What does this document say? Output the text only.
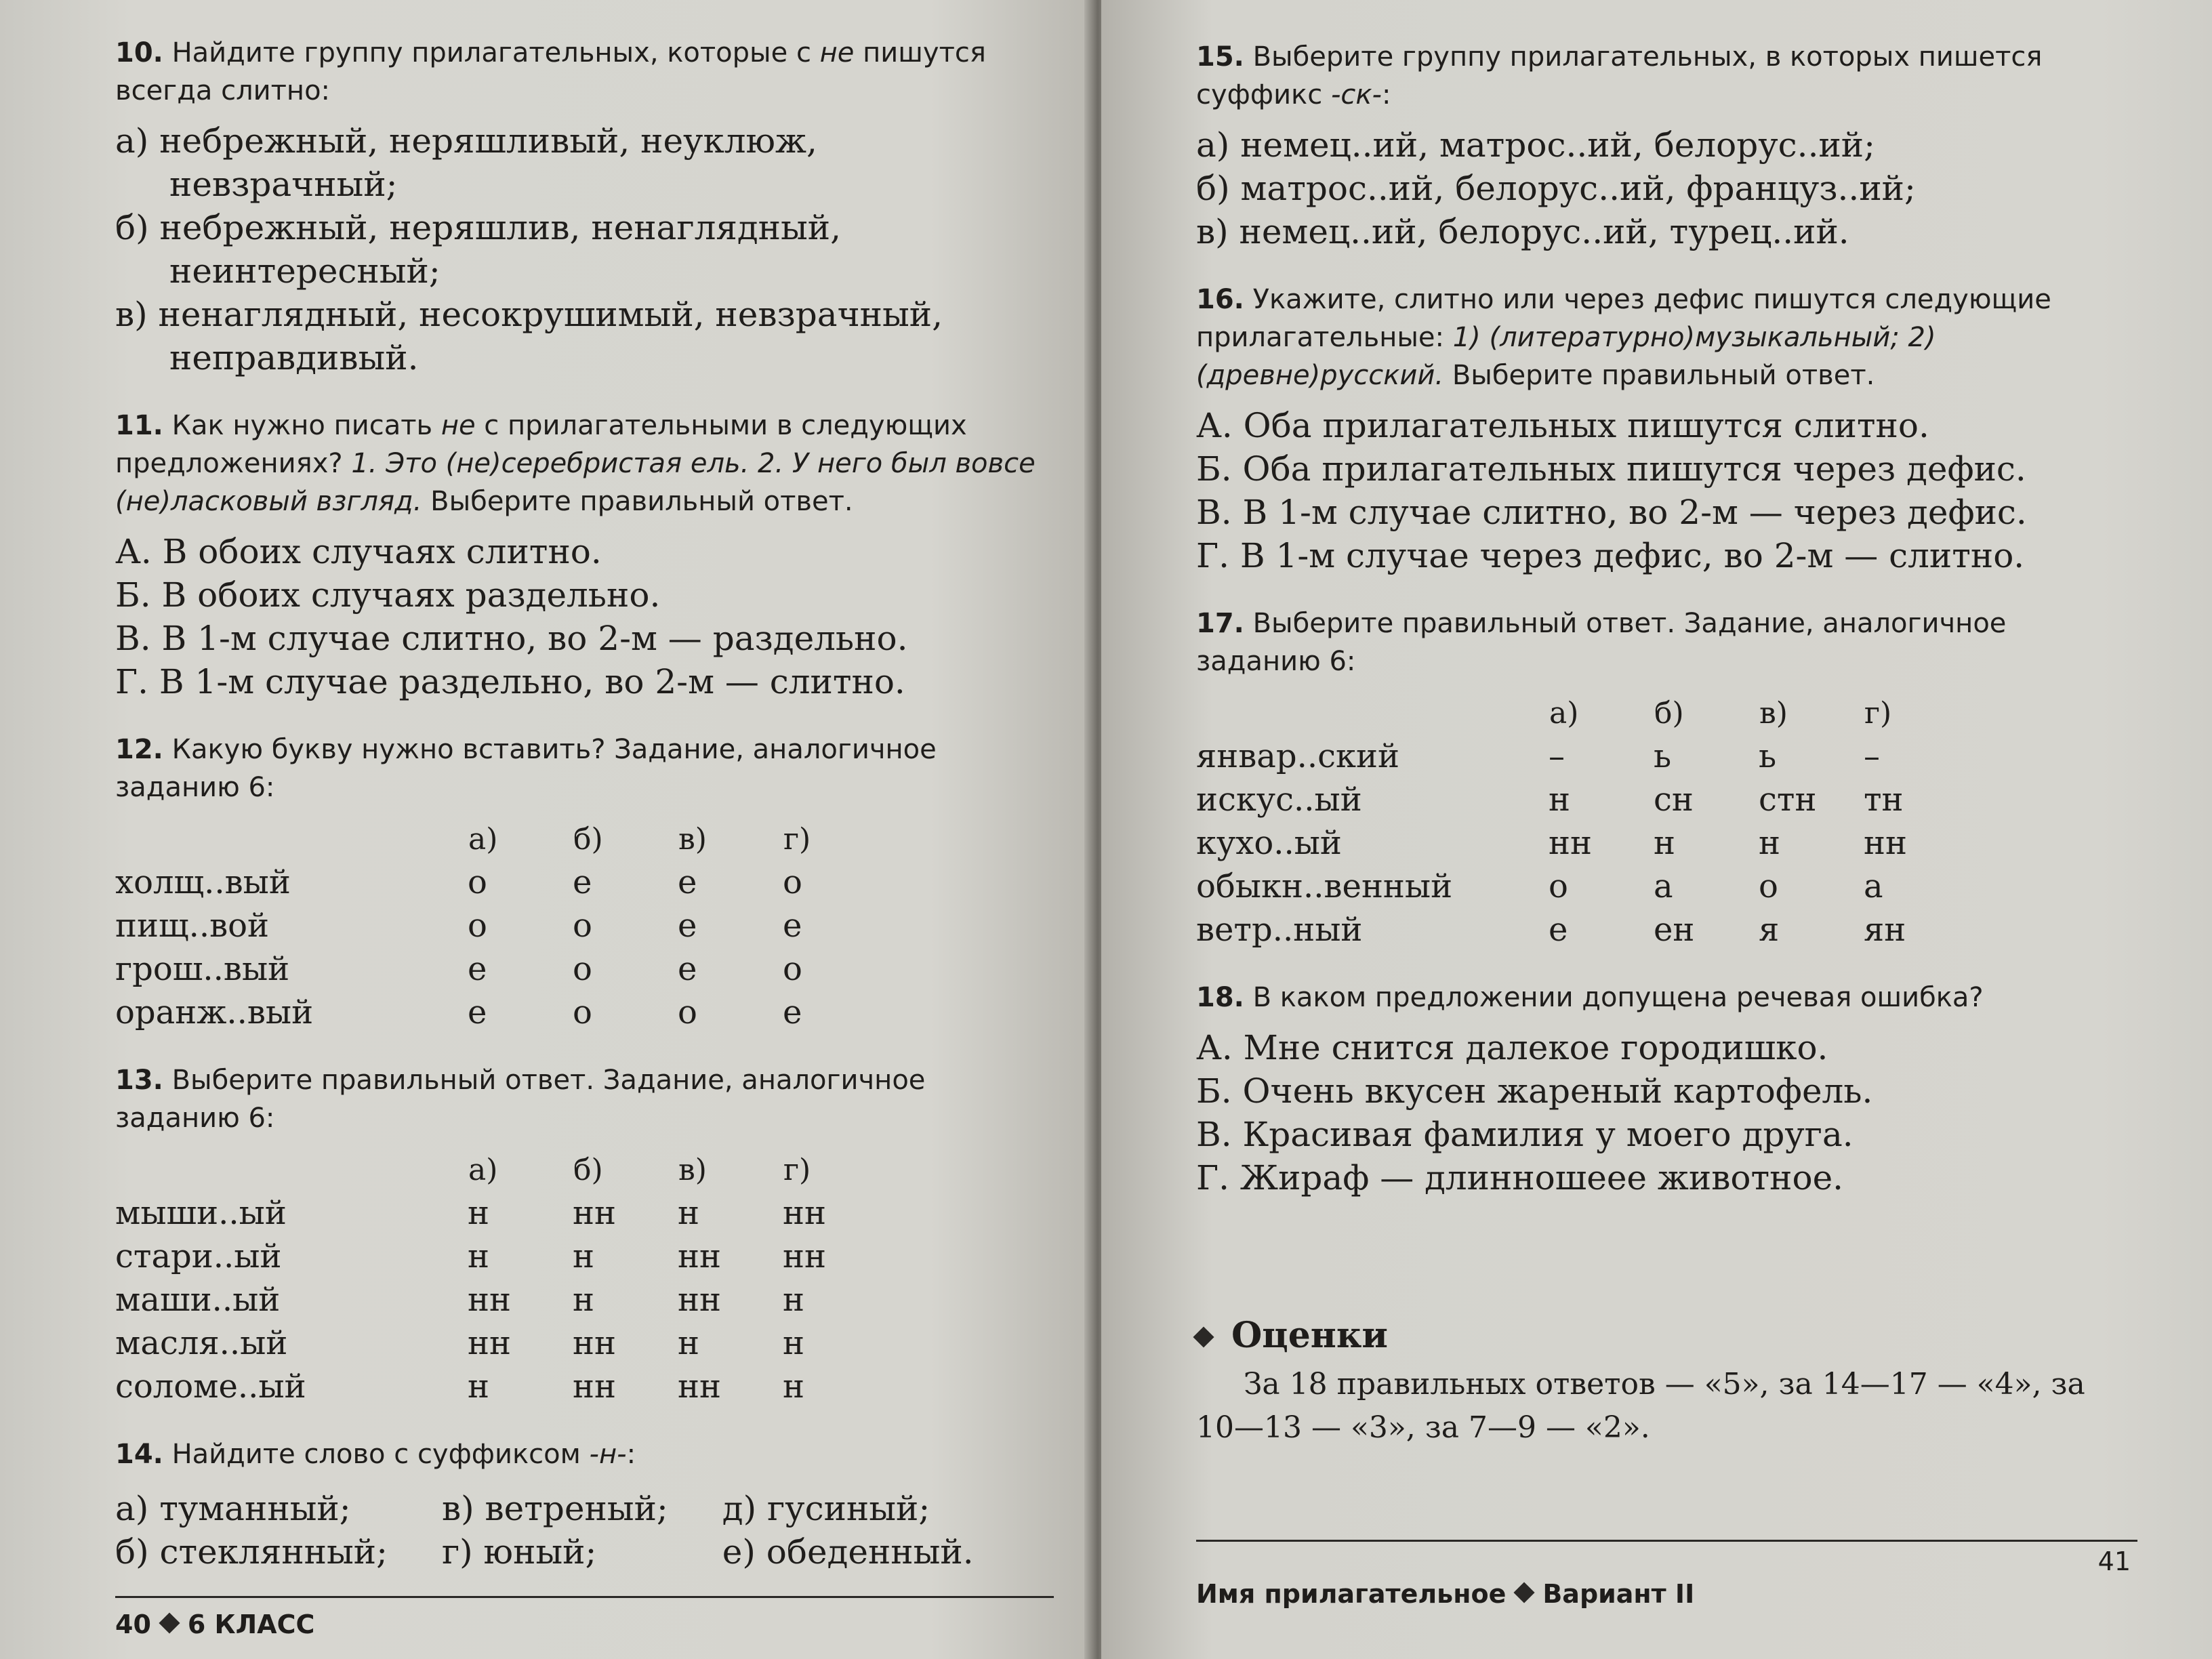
10. Найдите группу прилагательных, которые с не пишутся всегда слитно:
а) небрежный, неряшливый, неуклюж, невзрачный;
б) небрежный, неряшлив, ненаглядный, неинтересный;
в) ненаглядный, несокрушимый, невзрачный, неправдивый.
11. Как нужно писать не с прилагательными в следующих предложениях? 1. Это (не)серебристая ель. 2. У него был вовсе (не)ласковый взгляд. Выберите правильный ответ.
А. В обоих случаях слитно.
Б. В обоих случаях раздельно.
В. В 1-м случае слитно, во 2-м — раздельно.
Г. В 1-м случае раздельно, во 2-м — слитно.
12. Какую букву нужно вставить? Задание, аналогичное заданию 6:
	а)	б)	в)	г)
холщ..вый	о	е	е	о
пищ..вой	о	о	е	е
грош..вый	е	о	е	о
оранж..вый	е	о	о	е
13. Выберите правильный ответ. Задание, аналогичное заданию 6:
	а)	б)	в)	г)
мыши..ый	н	нн	н	нн
стари..ый	н	н	нн	нн
маши..ый	нн	н	нн	н
масля..ый	нн	нн	н	н
соломе..ый	н	нн	нн	н
14. Найдите слово с суффиксом -н-:
а) туманный;
б) стеклянный;
в) ветреный;
г) юный;
д) гусиный;
е) обеденный.
40 6 КЛАСС
15. Выберите группу прилагательных, в которых пишется суффикс -ск-:
а) немец..ий, матрос..ий, белорус..ий;
б) матрос..ий, белорус..ий, француз..ий;
в) немец..ий, белорус..ий, турец..ий.
16. Укажите, слитно или через дефис пишутся следующие прилагательные: 1) (литературно)музыкальный; 2) (древне)русский. Выберите правильный ответ.
А. Оба прилагательных пишутся слитно.
Б. Оба прилагательных пишутся через дефис.
В. В 1-м случае слитно, во 2-м — через дефис.
Г. В 1-м случае через дефис, во 2-м — слитно.
17. Выберите правильный ответ. Задание, аналогичное заданию 6:
	а)	б)	в)	г)
январ..ский	–	ь	ь	–
искус..ый	н	сн	стн	тн
кухо..ый	нн	н	н	нн
обыкн..венный	о	а	о	а
ветр..ный	е	ен	я	ян
18. В каком предложении допущена речевая ошибка?
А. Мне снится далекое городишко.
Б. Очень вкусен жареный картофель.
В. Красивая фамилия у моего друга.
Г. Жираф — длинношеее животное.
Оценки
За 18 правильных ответов — «5», за 14—17 — «4», за 10—13 — «3», за 7—9 — «2».
41
Имя прилагательное Вариант II
